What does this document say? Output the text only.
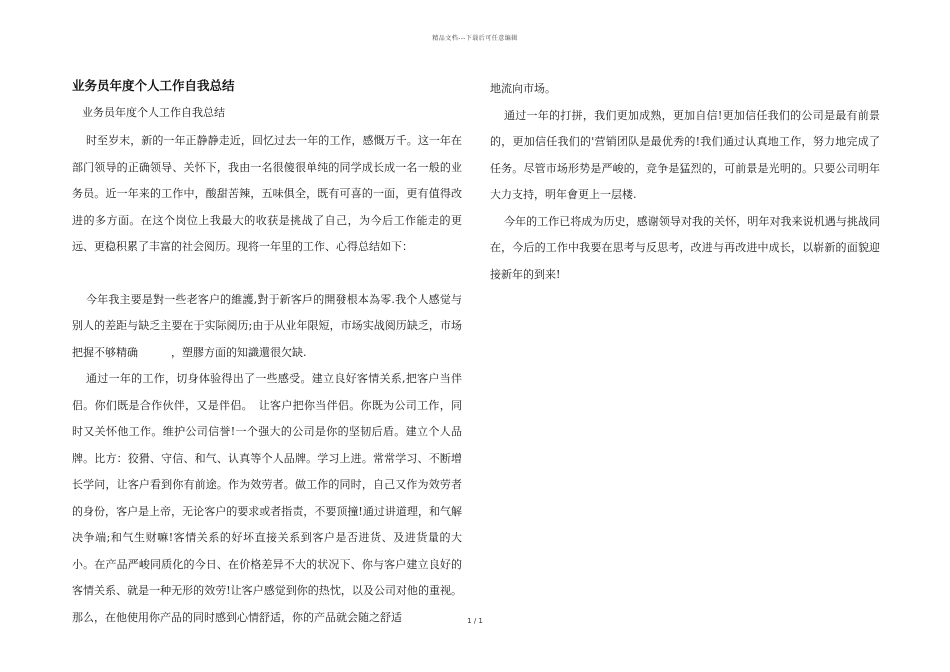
精品文档---下载后可任意编辑
业务员年度个人工作自我总结

业务员年度个人工作自我总结

时至岁末，新的一年正静静走近，回忆过去一年的工作，感慨万千。这一年在部门领导的正确领导、关怀下，我由一名很傻很单纯的同学成长成一名一般的业务员。近一年来的工作中，酸甜苦辣，五味俱全，既有可喜的一面，更有值得改进的多方面。在这个岗位上我最大的收获是挑战了自己，为今后工作能走的更远、更稳积累了丰富的社会阅历。现将一年里的工作、心得总结如下：

今年我主要是對一些老客户的維護,對于新客戶的開發根本為零.我个人感觉与别人的差距与缺乏主要在于实际阅历;由于从业年限短，市场实战阅历缺乏，市场把握不够精确　　　，塑膠方面的知識還很欠缺.

通过一年的工作，切身体验得出了一些感受。建立良好客情关系,把客户当伴侣。你们既是合作伙伴，又是伴侣。　让客户把你当伴侣。你既为公司工作，同时又关怀他工作。维护公司信誉!一个强大的公司是你的坚韧后盾。建立个人品牌。比方：狡猾、守信、和气、认真等个人品牌。学习上进。常常学习、不断增长学问，让客户看到你有前途。作为效劳者。做工作的同时，自己又作为效劳者的身份，客户是上帝，无论客户的要求或者指责，不要顶撞!通过讲道理，和气解决争端;和气生财嘛!客情关系的好坏直接关系到客户是否进货、及进货量的大小。在产品严峻同质化的今日、在价格差异不大的状况下、你与客户建立良好的客情关系、就是一种无形的效劳!让客户感觉到你的热忱，以及公司对他的重视。那么，在他使用你产品的同时感到心情舒适，你的产品就会随之舒适

地流向市场。

通过一年的打拼，我们更加成熟，更加自信!更加信任我们的公司是最有前景的，更加信任我们的'营销团队是最优秀的!我们通过认真地工作，努力地完成了任务。尽管市场形势是严峻的，竞争是猛烈的，可前景是光明的。只要公司明年大力支持，明年會更上一层楼.

今年的工作已将成为历史，感谢领导对我的关怀，明年对我来说机遇与挑战同在，今后的工作中我要在思考与反思考，改进与再改进中成长，以崭新的面貌迎接新年的到来!

1 / 1
